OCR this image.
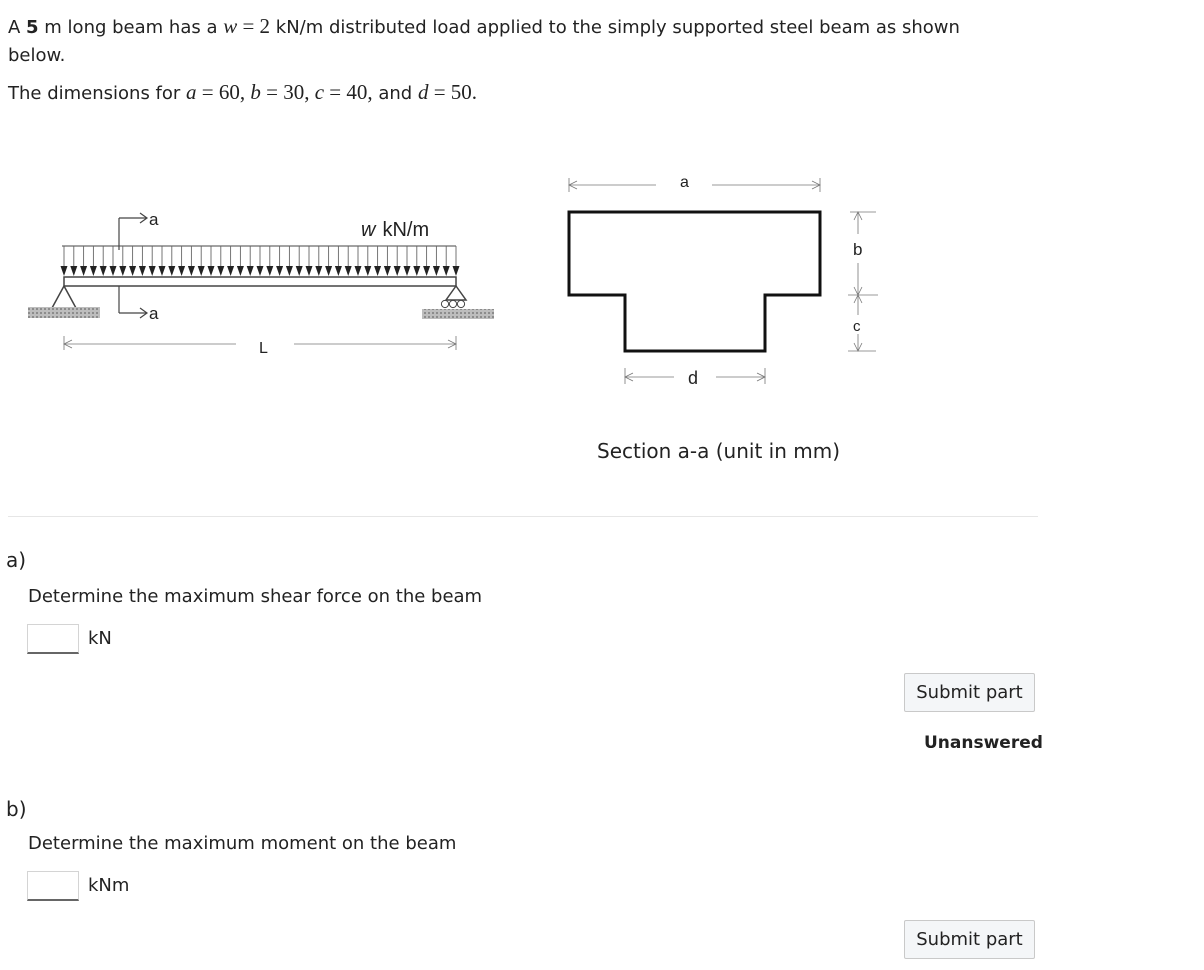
A 5 m long beam has a w = 2 kN/m distributed load applied to the simply supported steel beam as shown below.

The dimensions for a = 60, b = 30, c = 40, and d = 50.

a
a
w kN/m
L
a
b
c
d
Section a-a (unit in mm)
a)
Determine the maximum shear force on the beam
kN
Submit part
Unanswered
b)
Determine the maximum moment on the beam
kNm
Submit part
